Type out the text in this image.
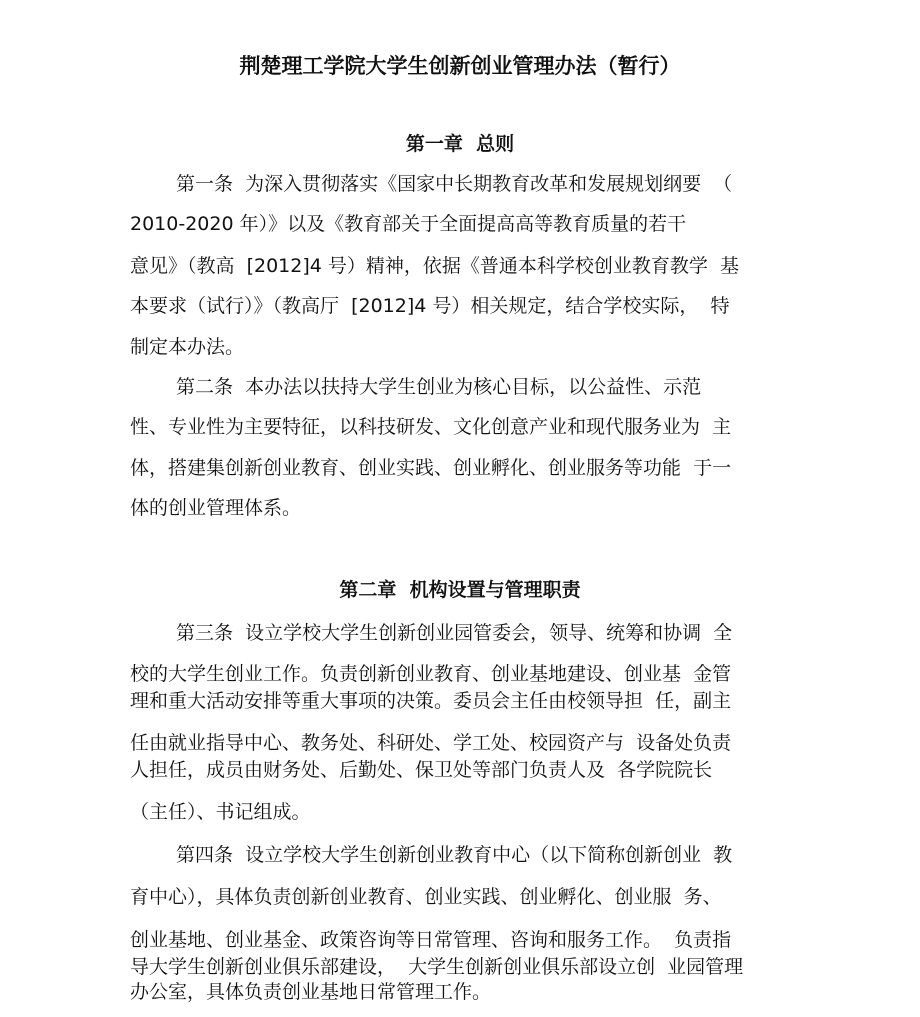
荆楚理工学院大学生创新创业管理办法（暂行）
第一章  总则

第一条  为深入贯彻落实《国家中长期教育改革和发展规划纲要  （

2010-2020 年）》以及《教育部关于全面提高高等教育质量的若干

意见》（教高  [2012]4 号）精神，依据《普通本科学校创业教育教学  基

本要求（试行）》（教高厅  [2012]4 号）相关规定，结合学校实际，  特

制定本办法。

第二条  本办法以扶持大学生创业为核心目标，以公益性、示范

性、专业性为主要特征，以科技研发、文化创意产业和现代服务业为  主

体，搭建集创新创业教育、创业实践、创业孵化、创业服务等功能  于一

体的创业管理体系。

第二章  机构设置与管理职责

第三条  设立学校大学生创新创业园管委会，领导、统筹和协调  全

校的大学生创业工作。负责创新创业教育、创业基地建设、创业基  金管

理和重大活动安排等重大事项的决策。委员会主任由校领导担  任，副主

任由就业指导中心、教务处、科研处、学工处、校园资产与  设备处负责

人担任，成员由财务处、后勤处、保卫处等部门负责人及  各学院院长

（主任）、书记组成。

第四条  设立学校大学生创新创业教育中心（以下简称创新创业  教

育中心），具体负责创新创业教育、创业实践、创业孵化、创业服  务、

创业基地、创业基金、政策咨询等日常管理、咨询和服务工作。  负责指

导大学生创新创业俱乐部建设，  大学生创新创业俱乐部设立创  业园管理

办公室，具体负责创业基地日常管理工作。
